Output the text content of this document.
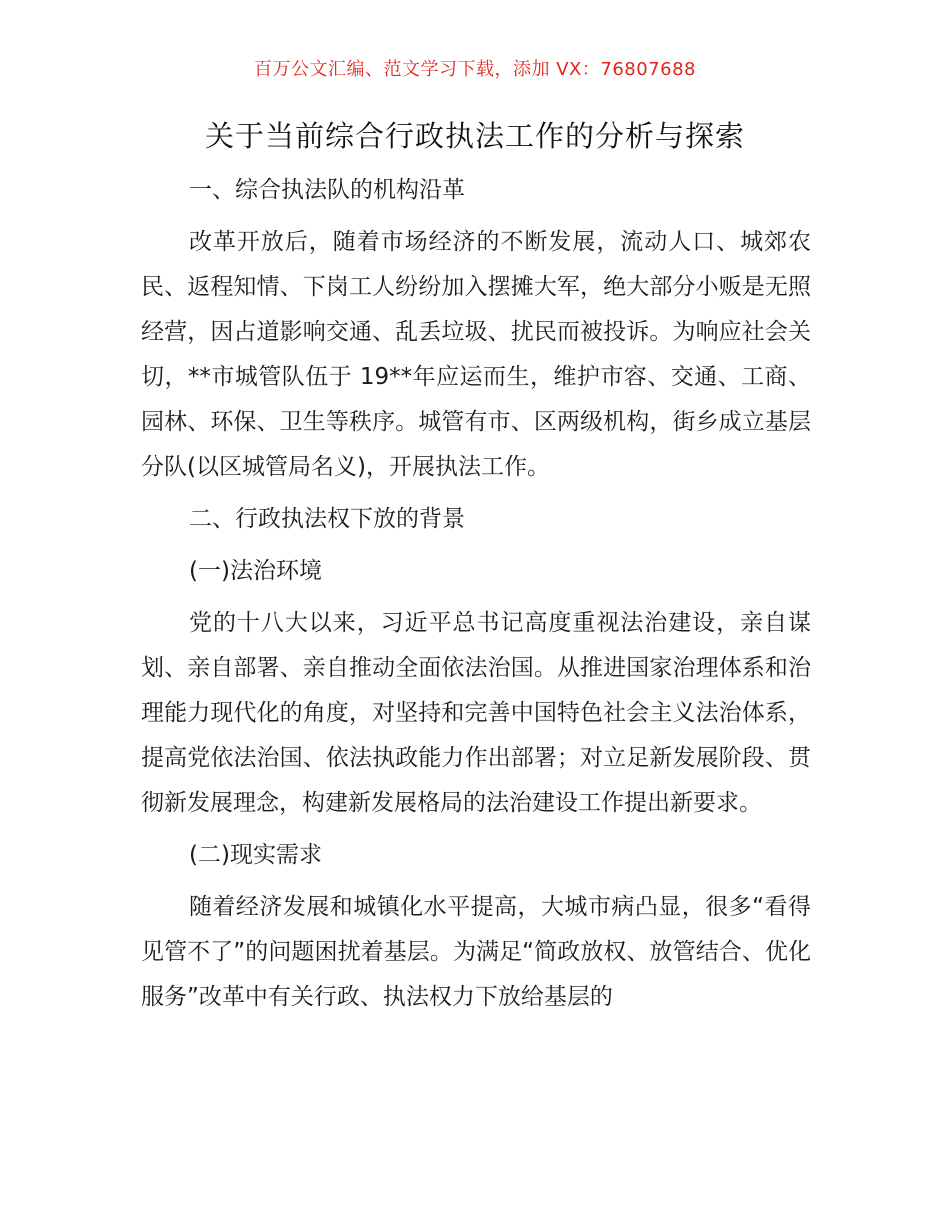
百万公文汇编、范文学习下载，添加 VX：76807688
关于当前综合行政执法工作的分析与探索

一、综合执法队的机构沿革

改革开放后，随着市场经济的不断发展，流动人口、城郊农民、返程知情、下岗工人纷纷加入摆摊大军，绝大部分小贩是无照经营，因占道影响交通、乱丢垃圾、扰民而被投诉。为响应社会关切，**市城管队伍于 19**年应运而生，维护市容、交通、工商、园林、环保、卫生等秩序。城管有市、区两级机构，街乡成立基层分队(以区城管局名义)，开展执法工作。

二、行政执法权下放的背景

(一)法治环境

党的十八大以来，习近平总书记高度重视法治建设，亲自谋划、亲自部署、亲自推动全面依法治国。从推进国家治理体系和治理能力现代化的角度，对坚持和完善中国特色社会主义法治体系，提高党依法治国、依法执政能力作出部署；对立足新发展阶段、贯彻新发展理念，构建新发展格局的法治建设工作提出新要求。

(二)现实需求

随着经济发展和城镇化水平提高，大城市病凸显，很多“看得见管不了”的问题困扰着基层。为满足“简政放权、放管结合、优化服务”改革中有关行政、执法权力下放给基层的
